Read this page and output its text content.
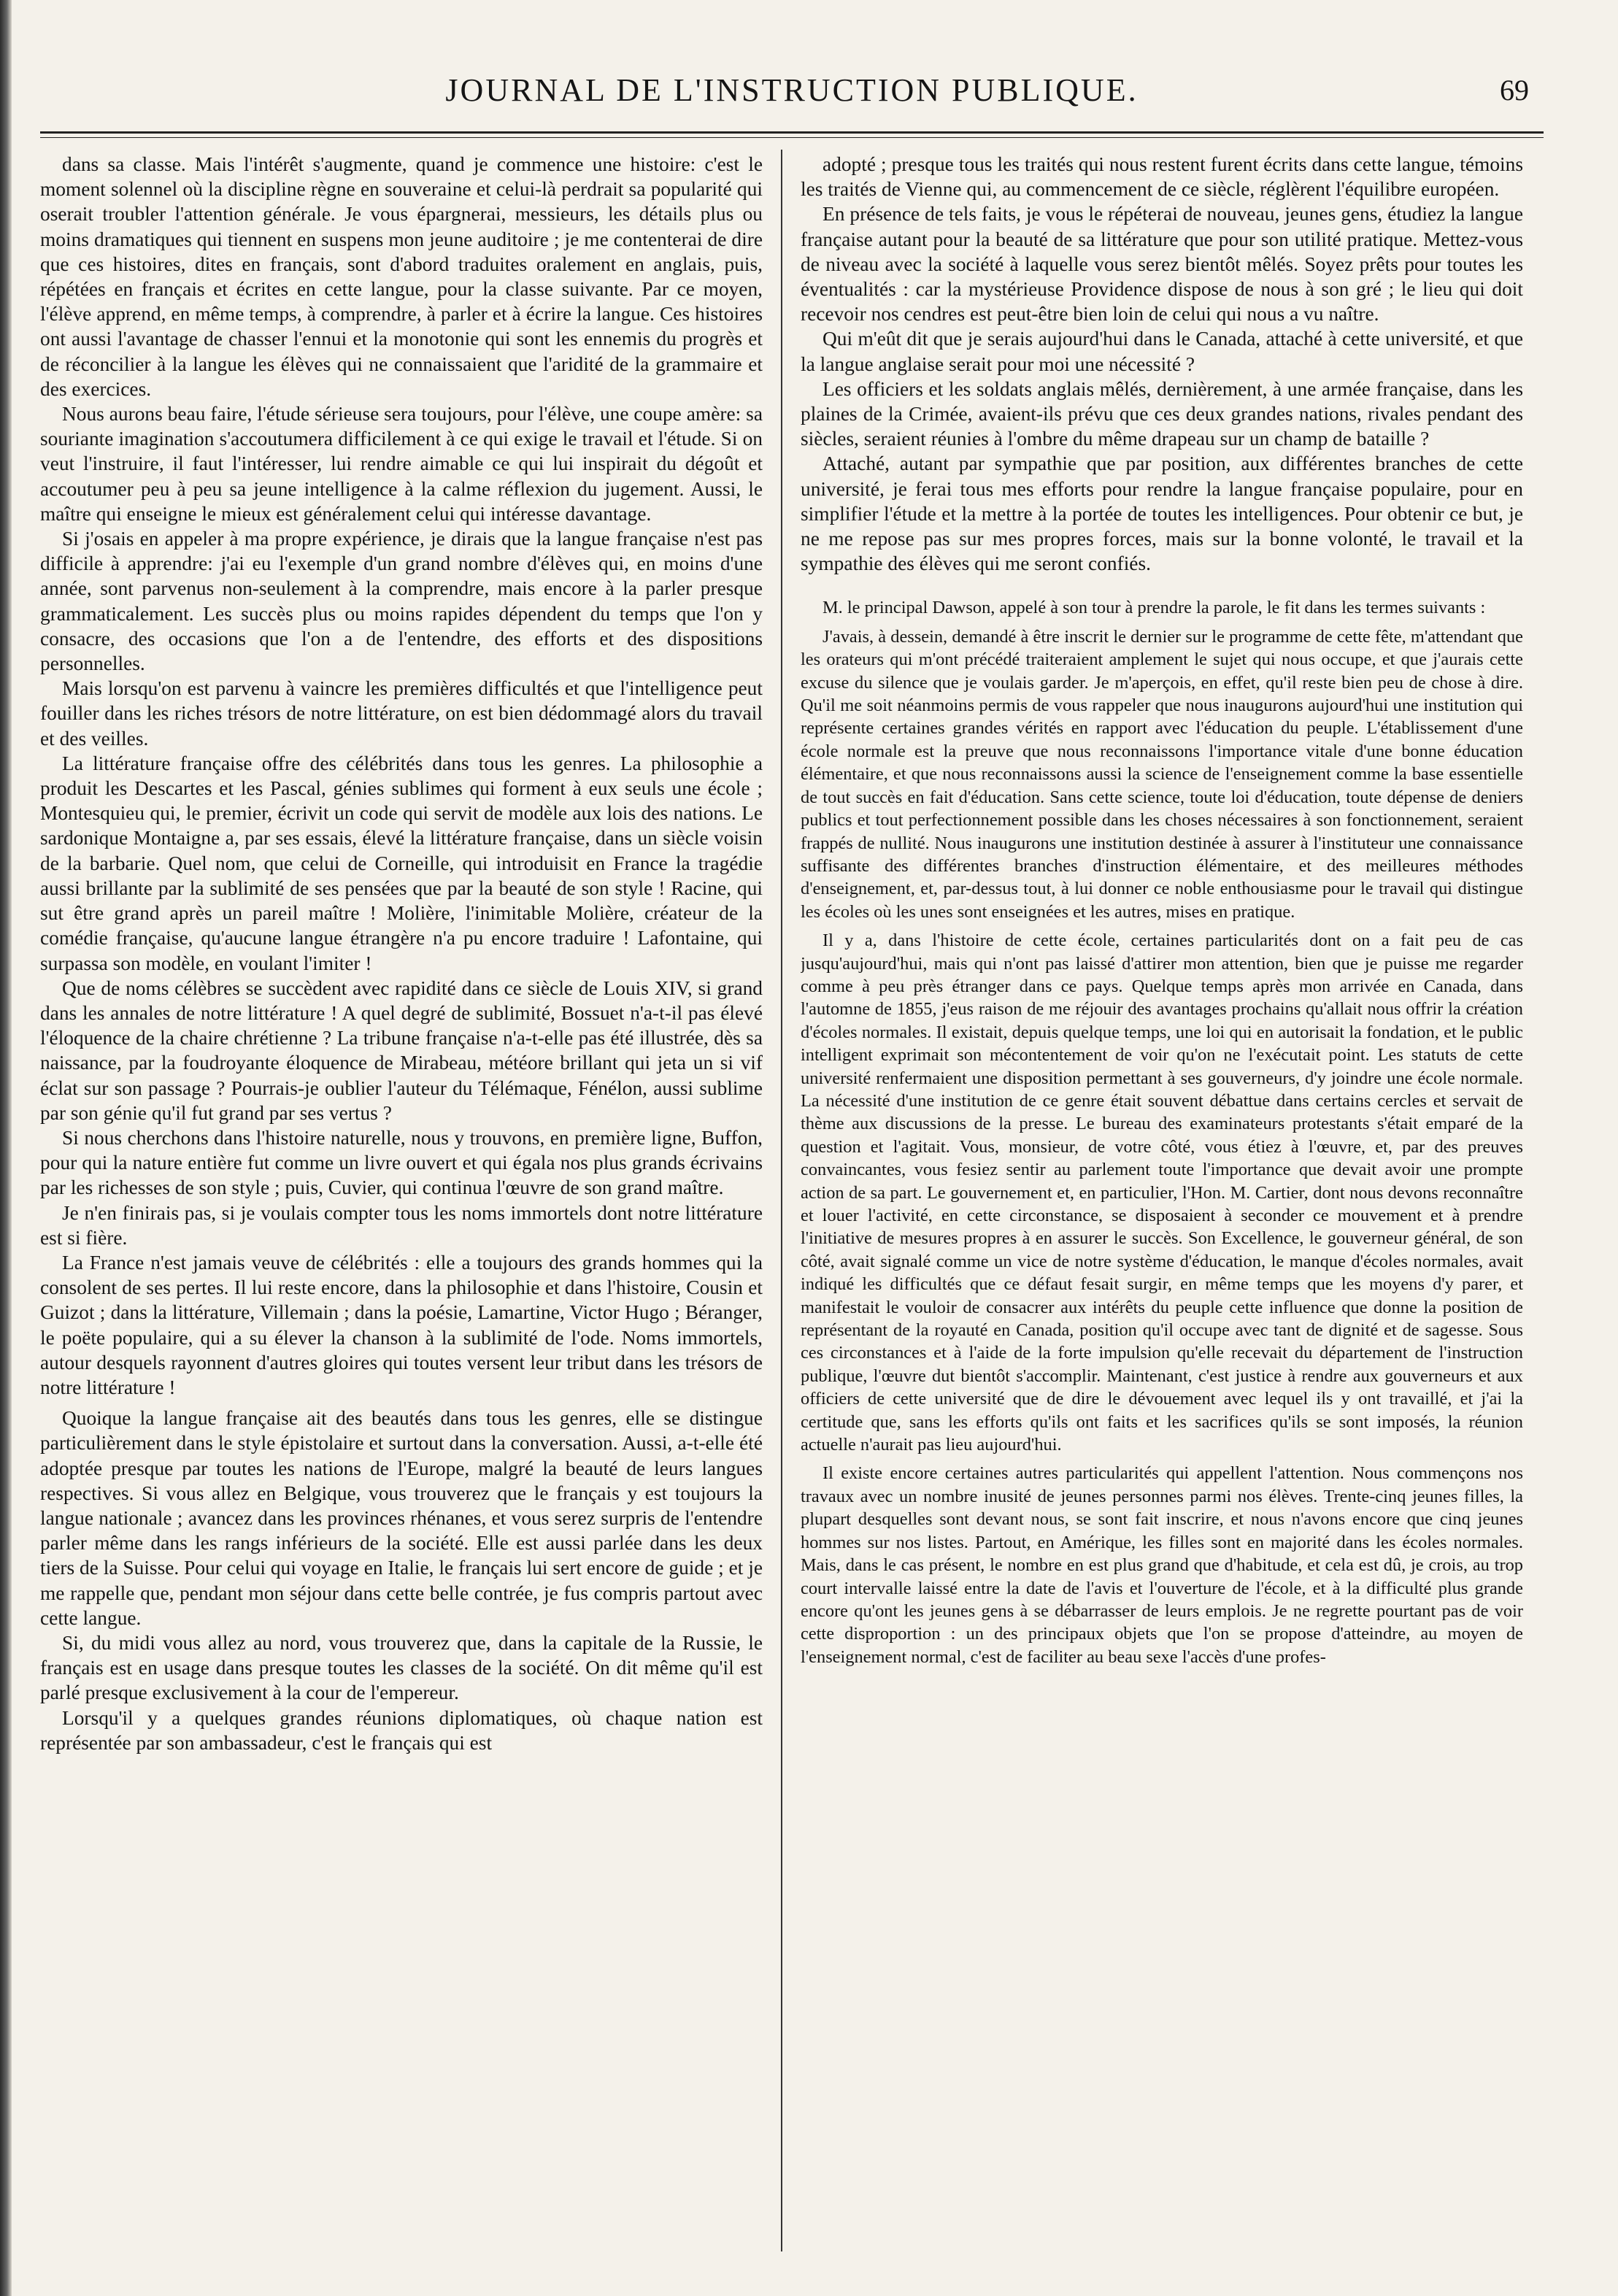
JOURNAL DE L'INSTRUCTION PUBLIQUE.	69

dans sa classe. Mais l'intérêt s'augmente, quand je commence une histoire: c'est le moment solennel où la discipline règne en souveraine et celui-là perdrait sa popularité qui oserait troubler l'attention générale. Je vous épargnerai, messieurs, les détails plus ou moins dramatiques qui tiennent en suspens mon jeune auditoire ; je me contenterai de dire que ces histoires, dites en français, sont d'abord traduites oralement en anglais, puis, répétées en français et écrites en cette langue, pour la classe suivante. Par ce moyen, l'élève apprend, en même temps, à comprendre, à parler et à écrire la langue. Ces histoires ont aussi l'avantage de chasser l'ennui et la monotonie qui sont les ennemis du progrès et de réconcilier à la langue les élèves qui ne connaissaient que l'aridité de la grammaire et des exercices.

Nous aurons beau faire, l'étude sérieuse sera toujours, pour l'élève, une coupe amère: sa souriante imagination s'accoutumera difficilement à ce qui exige le travail et l'étude. Si on veut l'instruire, il faut l'intéresser, lui rendre aimable ce qui lui inspirait du dégoût et accoutumer peu à peu sa jeune intelligence à la calme réflexion du jugement. Aussi, le maître qui enseigne le mieux est généralement celui qui intéresse davantage.

Si j'osais en appeler à ma propre expérience, je dirais que la langue française n'est pas difficile à apprendre: j'ai eu l'exemple d'un grand nombre d'élèves qui, en moins d'une année, sont parvenus non-seulement à la comprendre, mais encore à la parler presque grammaticalement. Les succès plus ou moins rapides dépendent du temps que l'on y consacre, des occasions que l'on a de l'entendre, des efforts et des dispositions personnelles.

Mais lorsqu'on est parvenu à vaincre les premières difficultés et que l'intelligence peut fouiller dans les riches trésors de notre littérature, on est bien dédommagé alors du travail et des veilles.

La littérature française offre des célébrités dans tous les genres. La philosophie a produit les Descartes et les Pascal, génies sublimes qui forment à eux seuls une école ; Montesquieu qui, le premier, écrivit un code qui servit de modèle aux lois des nations. Le sardonique Montaigne a, par ses essais, élevé la littérature française, dans un siècle voisin de la barbarie. Quel nom, que celui de Corneille, qui introduisit en France la tragédie aussi brillante par la sublimité de ses pensées que par la beauté de son style ! Racine, qui sut être grand après un pareil maître ! Molière, l'inimitable Molière, créateur de la comédie française, qu'aucune langue étrangère n'a pu encore traduire ! Lafontaine, qui surpassa son modèle, en voulant l'imiter !

Que de noms célèbres se succèdent avec rapidité dans ce siècle de Louis XIV, si grand dans les annales de notre littérature ! A quel degré de sublimité, Bossuet n'a-t-il pas élevé l'éloquence de la chaire chrétienne ? La tribune française n'a-t-elle pas été illustrée, dès sa naissance, par la foudroyante éloquence de Mirabeau, météore brillant qui jeta un si vif éclat sur son passage ? Pourrais-je oublier l'auteur du Télémaque, Fénélon, aussi sublime par son génie qu'il fut grand par ses vertus ?

Si nous cherchons dans l'histoire naturelle, nous y trouvons, en première ligne, Buffon, pour qui la nature entière fut comme un livre ouvert et qui égala nos plus grands écrivains par les richesses de son style ; puis, Cuvier, qui continua l'œuvre de son grand maître.

Je n'en finirais pas, si je voulais compter tous les noms immortels dont notre littérature est si fière.

La France n'est jamais veuve de célébrités : elle a toujours des grands hommes qui la consolent de ses pertes. Il lui reste encore, dans la philosophie et dans l'histoire, Cousin et Guizot ; dans la littérature, Villemain ; dans la poésie, Lamartine, Victor Hugo ; Béranger, le poëte populaire, qui a su élever la chanson à la sublimité de l'ode. Noms immortels, autour desquels rayonnent d'autres gloires qui toutes versent leur tribut dans les trésors de notre littérature !

Quoique la langue française ait des beautés dans tous les genres, elle se distingue particulièrement dans le style épistolaire et surtout dans la conversation. Aussi, a-t-elle été adoptée presque par toutes les nations de l'Europe, malgré la beauté de leurs langues respectives. Si vous allez en Belgique, vous trouverez que le français y est toujours la langue nationale ; avancez dans les provinces rhénanes, et vous serez surpris de l'entendre parler même dans les rangs inférieurs de la société. Elle est aussi parlée dans les deux tiers de la Suisse. Pour celui qui voyage en Italie, le français lui sert encore de guide ; et je me rappelle que, pendant mon séjour dans cette belle contrée, je fus compris partout avec cette langue.

Si, du midi vous allez au nord, vous trouverez que, dans la capitale de la Russie, le français est en usage dans presque toutes les classes de la société. On dit même qu'il est parlé presque exclusivement à la cour de l'empereur.

Lorsqu'il y a quelques grandes réunions diplomatiques, où chaque nation est représentée par son ambassadeur, c'est le français qui est

adopté ; presque tous les traités qui nous restent furent écrits dans cette langue, témoins les traités de Vienne qui, au commencement de ce siècle, réglèrent l'équilibre européen.

En présence de tels faits, je vous le répéterai de nouveau, jeunes gens, étudiez la langue française autant pour la beauté de sa littérature que pour son utilité pratique. Mettez-vous de niveau avec la société à laquelle vous serez bientôt mêlés. Soyez prêts pour toutes les éventualités : car la mystérieuse Providence dispose de nous à son gré ; le lieu qui doit recevoir nos cendres est peut-être bien loin de celui qui nous a vu naître.

Qui m'eût dit que je serais aujourd'hui dans le Canada, attaché à cette université, et que la langue anglaise serait pour moi une nécessité ?

Les officiers et les soldats anglais mêlés, dernièrement, à une armée française, dans les plaines de la Crimée, avaient-ils prévu que ces deux grandes nations, rivales pendant des siècles, seraient réunies à l'ombre du même drapeau sur un champ de bataille ?

Attaché, autant par sympathie que par position, aux différentes branches de cette université, je ferai tous mes efforts pour rendre la langue française populaire, pour en simplifier l'étude et la mettre à la portée de toutes les intelligences. Pour obtenir ce but, je ne me repose pas sur mes propres forces, mais sur la bonne volonté, le travail et la sympathie des élèves qui me seront confiés.

M. le principal Dawson, appelé à son tour à prendre la parole, le fit dans les termes suivants :

J'avais, à dessein, demandé à être inscrit le dernier sur le programme de cette fête, m'attendant que les orateurs qui m'ont précédé traiteraient amplement le sujet qui nous occupe, et que j'aurais cette excuse du silence que je voulais garder. Je m'aperçois, en effet, qu'il reste bien peu de chose à dire. Qu'il me soit néanmoins permis de vous rappeler que nous inaugurons aujourd'hui une institution qui représente certaines grandes vérités en rapport avec l'éducation du peuple. L'établissement d'une école normale est la preuve que nous reconnaissons l'importance vitale d'une bonne éducation élémentaire, et que nous reconnaissons aussi la science de l'enseignement comme la base essentielle de tout succès en fait d'éducation. Sans cette science, toute loi d'éducation, toute dépense de deniers publics et tout perfectionnement possible dans les choses nécessaires à son fonctionnement, seraient frappés de nullité. Nous inaugurons une institution destinée à assurer à l'instituteur une connaissance suffisante des différentes branches d'instruction élémentaire, et des meilleures méthodes d'enseignement, et, par-dessus tout, à lui donner ce noble enthousiasme pour le travail qui distingue les écoles où les unes sont enseignées et les autres, mises en pratique.

Il y a, dans l'histoire de cette école, certaines particularités dont on a fait peu de cas jusqu'aujourd'hui, mais qui n'ont pas laissé d'attirer mon attention, bien que je puisse me regarder comme à peu près étranger dans ce pays. Quelque temps après mon arrivée en Canada, dans l'automne de 1855, j'eus raison de me réjouir des avantages prochains qu'allait nous offrir la création d'écoles normales. Il existait, depuis quelque temps, une loi qui en autorisait la fondation, et le public intelligent exprimait son mécontentement de voir qu'on ne l'exécutait point. Les statuts de cette université renfermaient une disposition permettant à ses gouverneurs, d'y joindre une école normale. La nécessité d'une institution de ce genre était souvent débattue dans certains cercles et servait de thème aux discussions de la presse. Le bureau des examinateurs protestants s'était emparé de la question et l'agitait. Vous, monsieur, de votre côté, vous étiez à l'œuvre, et, par des preuves convaincantes, vous fesiez sentir au parlement toute l'importance que devait avoir une prompte action de sa part. Le gouvernement et, en particulier, l'Hon. M. Cartier, dont nous devons reconnaître et louer l'activité, en cette circonstance, se disposaient à seconder ce mouvement et à prendre l'initiative de mesures propres à en assurer le succès. Son Excellence, le gouverneur général, de son côté, avait signalé comme un vice de notre système d'éducation, le manque d'écoles normales, avait indiqué les difficultés que ce défaut fesait surgir, en même temps que les moyens d'y parer, et manifestait le vouloir de consacrer aux intérêts du peuple cette influence que donne la position de représentant de la royauté en Canada, position qu'il occupe avec tant de dignité et de sagesse. Sous ces circonstances et à l'aide de la forte impulsion qu'elle recevait du département de l'instruction publique, l'œuvre dut bientôt s'accomplir. Maintenant, c'est justice à rendre aux gouverneurs et aux officiers de cette université que de dire le dévouement avec lequel ils y ont travaillé, et j'ai la certitude que, sans les efforts qu'ils ont faits et les sacrifices qu'ils se sont imposés, la réunion actuelle n'aurait pas lieu aujourd'hui.

Il existe encore certaines autres particularités qui appellent l'attention. Nous commençons nos travaux avec un nombre inusité de jeunes personnes parmi nos élèves. Trente-cinq jeunes filles, la plupart desquelles sont devant nous, se sont fait inscrire, et nous n'avons encore que cinq jeunes hommes sur nos listes. Partout, en Amérique, les filles sont en majorité dans les écoles normales. Mais, dans le cas présent, le nombre en est plus grand que d'habitude, et cela est dû, je crois, au trop court intervalle laissé entre la date de l'avis et l'ouverture de l'école, et à la difficulté plus grande encore qu'ont les jeunes gens à se débarrasser de leurs emplois. Je ne regrette pourtant pas de voir cette disproportion : un des principaux objets que l'on se propose d'atteindre, au moyen de l'enseignement normal, c'est de faciliter au beau sexe l'accès d'une profes-
